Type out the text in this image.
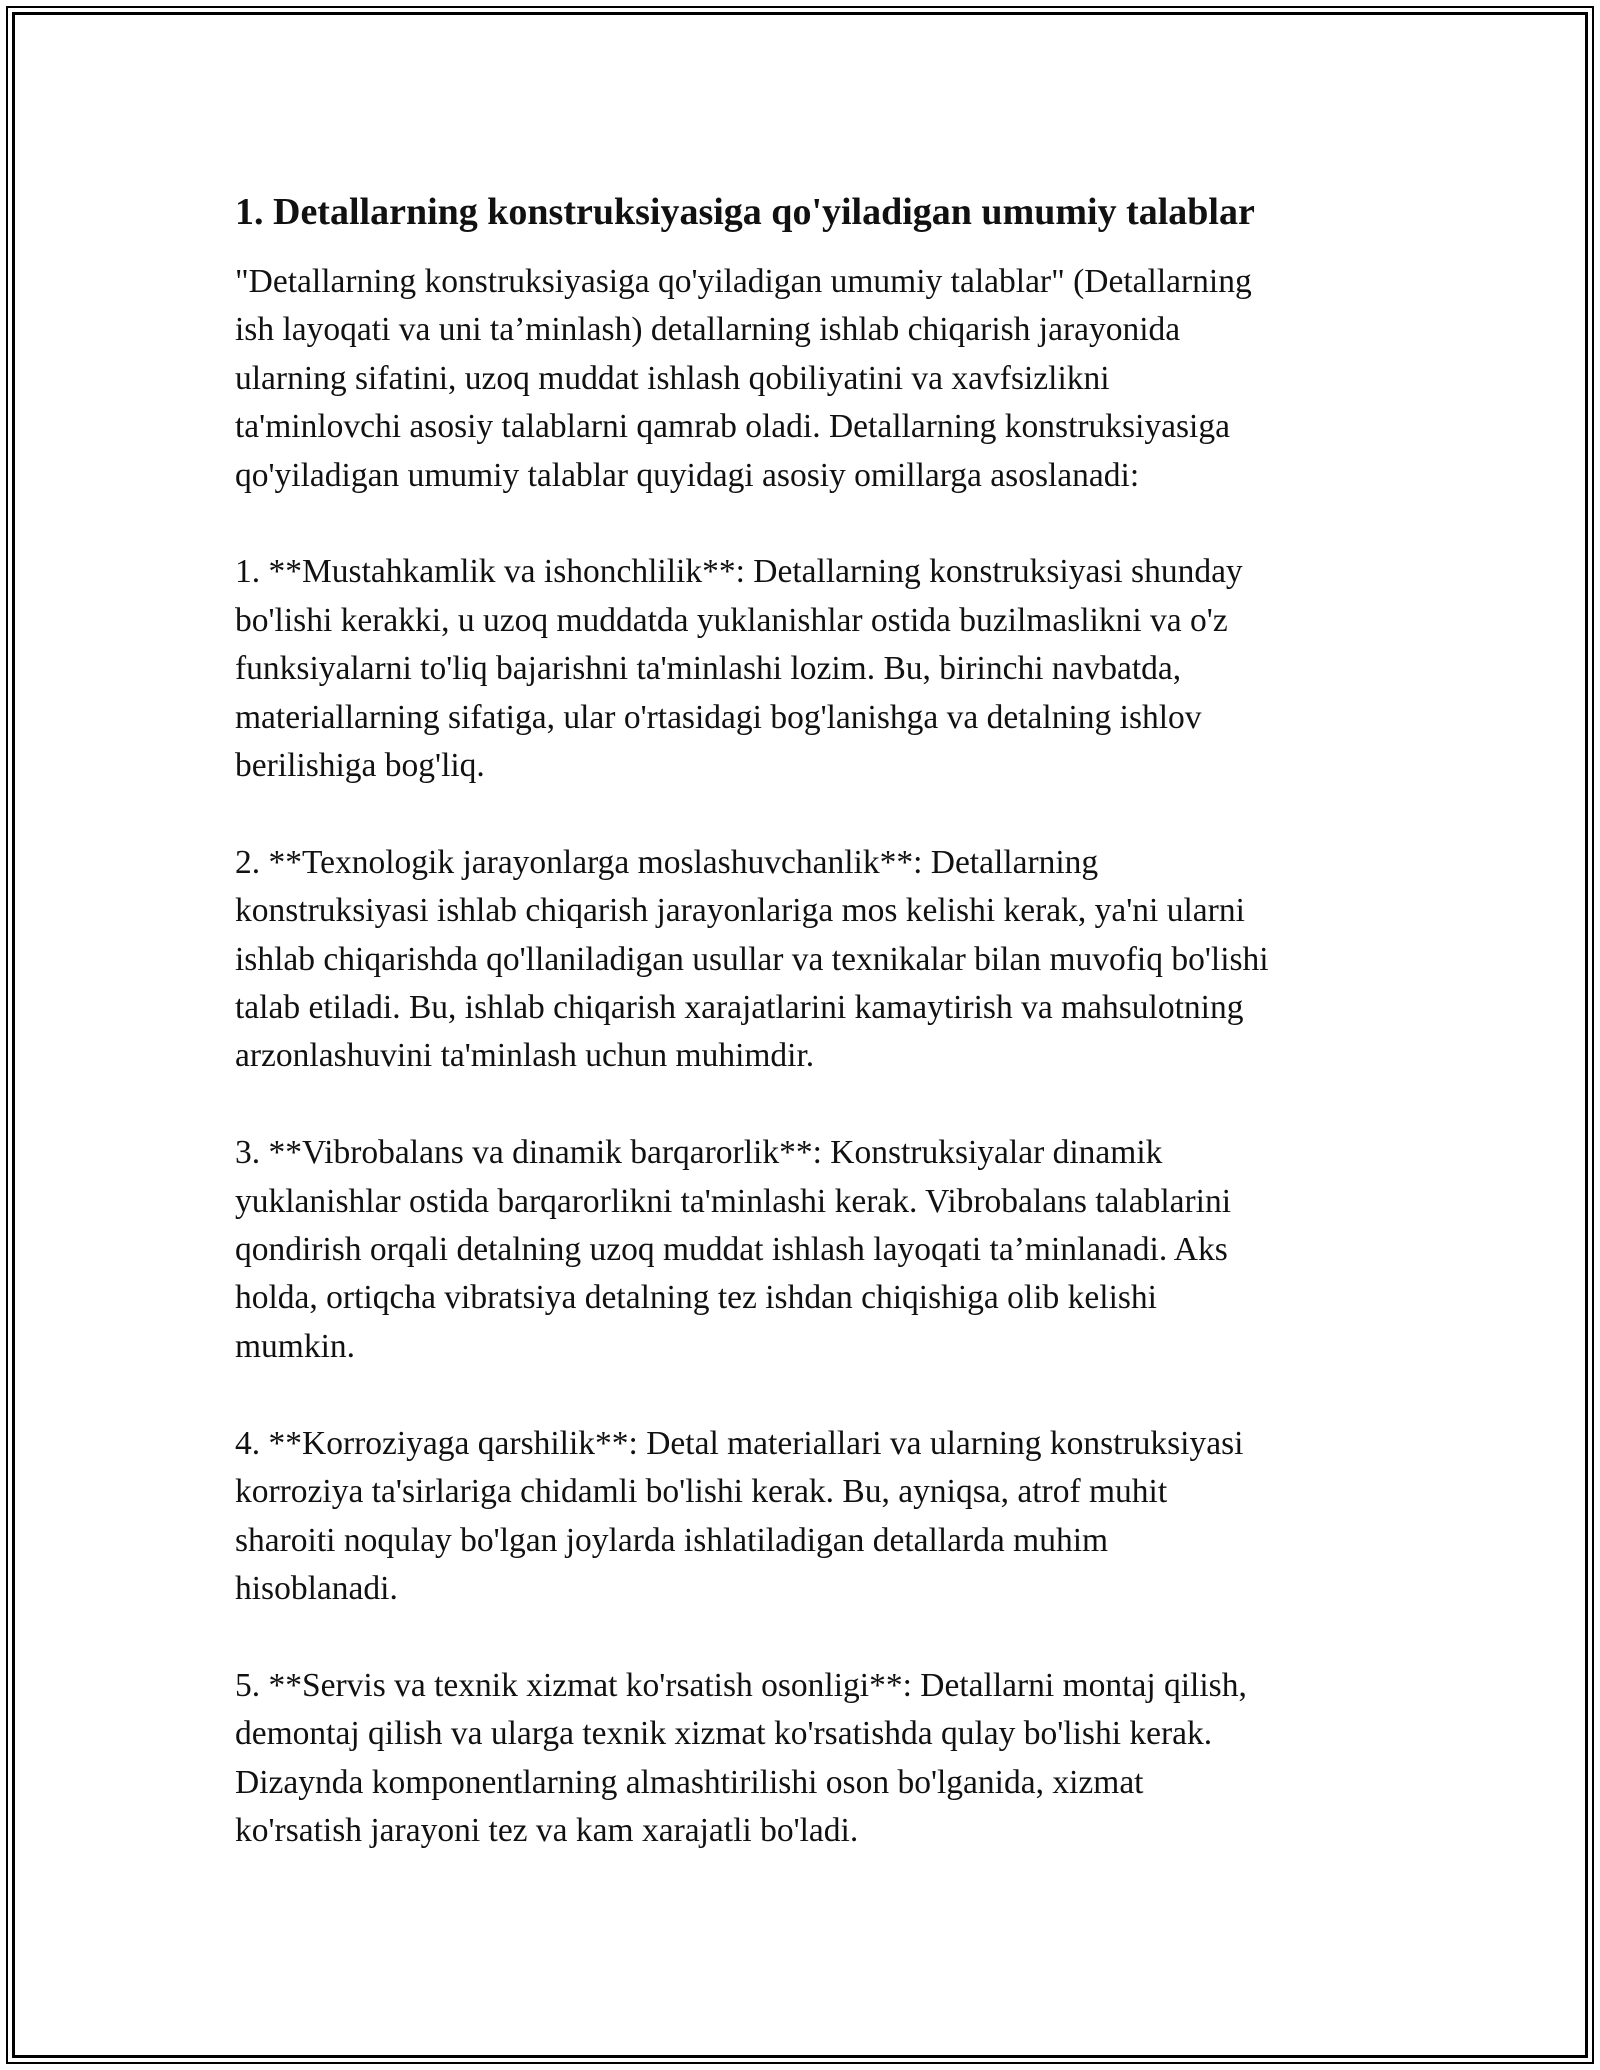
1. Detallarning konstruksiyasiga qo'yiladigan umumiy talablar

"Detallarning konstruksiyasiga qo'yiladigan umumiy talablar" (Detallarning
ish layoqati va uni ta’minlash) detallarning ishlab chiqarish jarayonida
ularning sifatini, uzoq muddat ishlash qobiliyatini va xavfsizlikni
ta'minlovchi asosiy talablarni qamrab oladi. Detallarning konstruksiyasiga
qo'yiladigan umumiy talablar quyidagi asosiy omillarga asoslanadi:

1. **Mustahkamlik va ishonchlilik**: Detallarning konstruksiyasi shunday
bo'lishi kerakki, u uzoq muddatda yuklanishlar ostida buzilmaslikni va o'z
funksiyalarni to'liq bajarishni ta'minlashi lozim. Bu, birinchi navbatda,
materiallarning sifatiga, ular o'rtasidagi bog'lanishga va detalning ishlov
berilishiga bog'liq.

2. **Texnologik jarayonlarga moslashuvchanlik**: Detallarning
konstruksiyasi ishlab chiqarish jarayonlariga mos kelishi kerak, ya'ni ularni
ishlab chiqarishda qo'llaniladigan usullar va texnikalar bilan muvofiq bo'lishi
talab etiladi. Bu, ishlab chiqarish xarajatlarini kamaytirish va mahsulotning
arzonlashuvini ta'minlash uchun muhimdir.

3. **Vibrobalans va dinamik barqarorlik**: Konstruksiyalar dinamik
yuklanishlar ostida barqarorlikni ta'minlashi kerak. Vibrobalans talablarini
qondirish orqali detalning uzoq muddat ishlash layoqati ta’minlanadi. Aks
holda, ortiqcha vibratsiya detalning tez ishdan chiqishiga olib kelishi
mumkin.

4. **Korroziyaga qarshilik**: Detal materiallari va ularning konstruksiyasi
korroziya ta'sirlariga chidamli bo'lishi kerak. Bu, ayniqsa, atrof muhit
sharoiti noqulay bo'lgan joylarda ishlatiladigan detallarda muhim
hisoblanadi.

5. **Servis va texnik xizmat ko'rsatish osonligi**: Detallarni montaj qilish,
demontaj qilish va ularga texnik xizmat ko'rsatishda qulay bo'lishi kerak.
Dizaynda komponentlarning almashtirilishi oson bo'lganida, xizmat
ko'rsatish jarayoni tez va kam xarajatli bo'ladi.
